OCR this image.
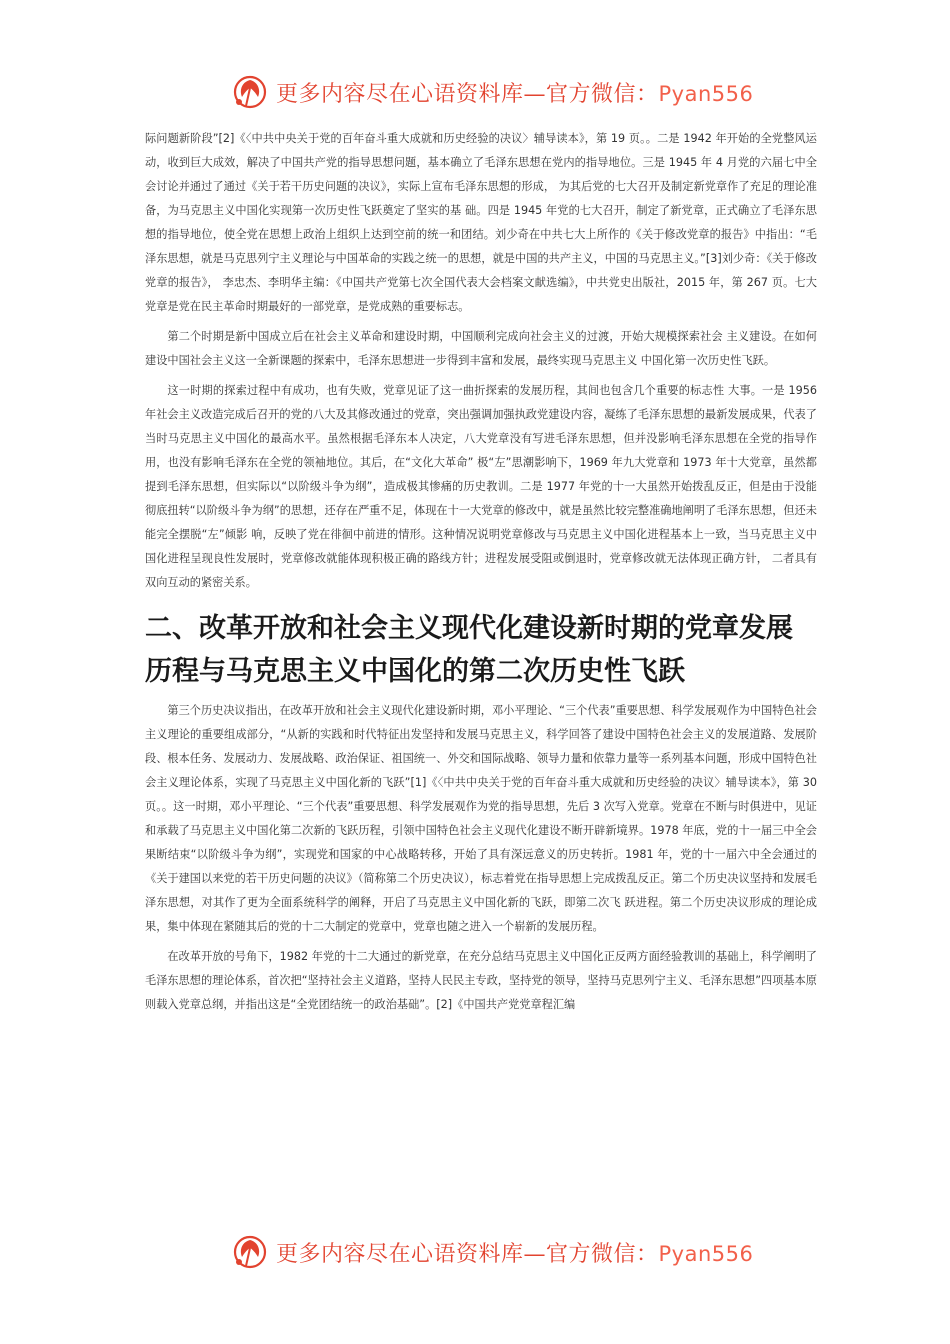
更多内容尽在心语资料库—官方微信：Pyan556

际问题新阶段”[2]《〈中共中央关于党的百年奋斗重大成就和历史经验的决议〉辅导读本》，第 19 页。。二是 1942 年开始的全党整风运动，收到巨大成效，解决了中国共产党的指导思想问题，基本确立了毛泽东思想在党内的指导地位。三是 1945 年 4 月党的六届七中全会讨论并通过了通过《关于若干历史问题的决议》，实际上宣布毛泽东思想的形成， 为其后党的七大召开及制定新党章作了充足的理论准备，为马克思主义中国化实现第一次历史性飞跃奠定了坚实的基 础。四是 1945 年党的七大召开，制定了新党章，正式确立了毛泽东思想的指导地位，使全党在思想上政治上组织上达到空前的统一和团结。刘少奇在中共七大上所作的《关于修改党章的报告》中指出：“毛泽东思想，就是马克思列宁主义理论与中国革命的实践之统一的思想，就是中国的共产主义，中国的马克思主义。”[3]刘少奇：《关于修改党章的报告》， 李忠杰、李明华主编：《中国共产党第七次全国代表大会档案文献选编》，中共党史出版社，2015 年，第 267 页。七大党章是党在民主革命时期最好的一部党章，是党成熟的重要标志。

第二个时期是新中国成立后在社会主义革命和建设时期，中国顺利完成向社会主义的过渡，开始大规模探索社会 主义建设。在如何建设中国社会主义这一全新课题的探索中，毛泽东思想进一步得到丰富和发展，最终实现马克思主义 中国化第一次历史性飞跃。

这一时期的探索过程中有成功，也有失败，党章见证了这一曲折探索的发展历程，其间也包含几个重要的标志性 大事。一是 1956 年社会主义改造完成后召开的党的八大及其修改通过的党章，突出强调加强执政党建设内容，凝练了毛泽东思想的最新发展成果，代表了当时马克思主义中国化的最高水平。虽然根据毛泽东本人决定，八大党章没有写进毛泽东思想，但并没影响毛泽东思想在全党的指导作用，也没有影响毛泽东在全党的领袖地位。其后，在“文化大革命” 极“左”思潮影响下，1969 年九大党章和 1973 年十大党章，虽然都提到毛泽东思想，但实际以“以阶级斗争为纲”，造成极其惨痛的历史教训。二是 1977 年党的十一大虽然开始拨乱反正，但是由于没能彻底扭转“以阶级斗争为纲”的思想，还存在严重不足，体现在十一大党章的修改中，就是虽然比较完整准确地阐明了毛泽东思想，但还未能完全摆脱“左”倾影 响，反映了党在徘徊中前进的情形。这种情况说明党章修改与马克思主义中国化进程基本上一致，当马克思主义中国化进程呈现良性发展时，党章修改就能体现积极正确的路线方针；进程发展受阻或倒退时，党章修改就无法体现正确方针， 二者具有双向互动的紧密关系。

二、改革开放和社会主义现代化建设新时期的党章发展历程与马克思主义中国化的第二次历史性飞跃

第三个历史决议指出，在改革开放和社会主义现代化建设新时期，邓小平理论、“三个代表”重要思想、科学发展观作为中国特色社会主义理论的重要组成部分，“从新的实践和时代特征出发坚持和发展马克思主义，科学回答了建设中国特色社会主义的发展道路、发展阶段、根本任务、发展动力、发展战略、政治保证、祖国统一、外交和国际战略、领导力量和依靠力量等一系列基本问题，形成中国特色社会主义理论体系，实现了马克思主义中国化新的飞跃”[1]《〈中共中央关于党的百年奋斗重大成就和历史经验的决议〉辅导读本》，第 30 页。。这一时期，邓小平理论、“三个代表”重要思想、科学发展观作为党的指导思想，先后 3 次写入党章。党章在不断与时俱进中，见证和承载了马克思主义中国化第二次新的飞跃历程，引领中国特色社会主义现代化建设不断开辟新境界。1978 年底，党的十一届三中全会果断结束“以阶级斗争为纲”，实现党和国家的中心战略转移，开始了具有深远意义的历史转折。1981 年，党的十一届六中全会通过的《关于建国以来党的若干历史问题的决议》（简称第二个历史决议），标志着党在指导思想上完成拨乱反正。第二个历史决议坚持和发展毛泽东思想，对其作了更为全面系统科学的阐释，开启了马克思主义中国化新的飞跃，即第二次飞 跃进程。第二个历史决议形成的理论成果，集中体现在紧随其后的党的十二大制定的党章中，党章也随之进入一个崭新的发展历程。

在改革开放的号角下，1982 年党的十二大通过的新党章，在充分总结马克思主义中国化正反两方面经验教训的基础上，科学阐明了毛泽东思想的理论体系，首次把“坚持社会主义道路，坚持人民民主专政，坚持党的领导，坚持马克思列宁主义、毛泽东思想”四项基本原则载入党章总纲，并指出这是“全党团结统一的政治基础”。[2]《中国共产党党章程汇编

更多内容尽在心语资料库—官方微信：Pyan556
